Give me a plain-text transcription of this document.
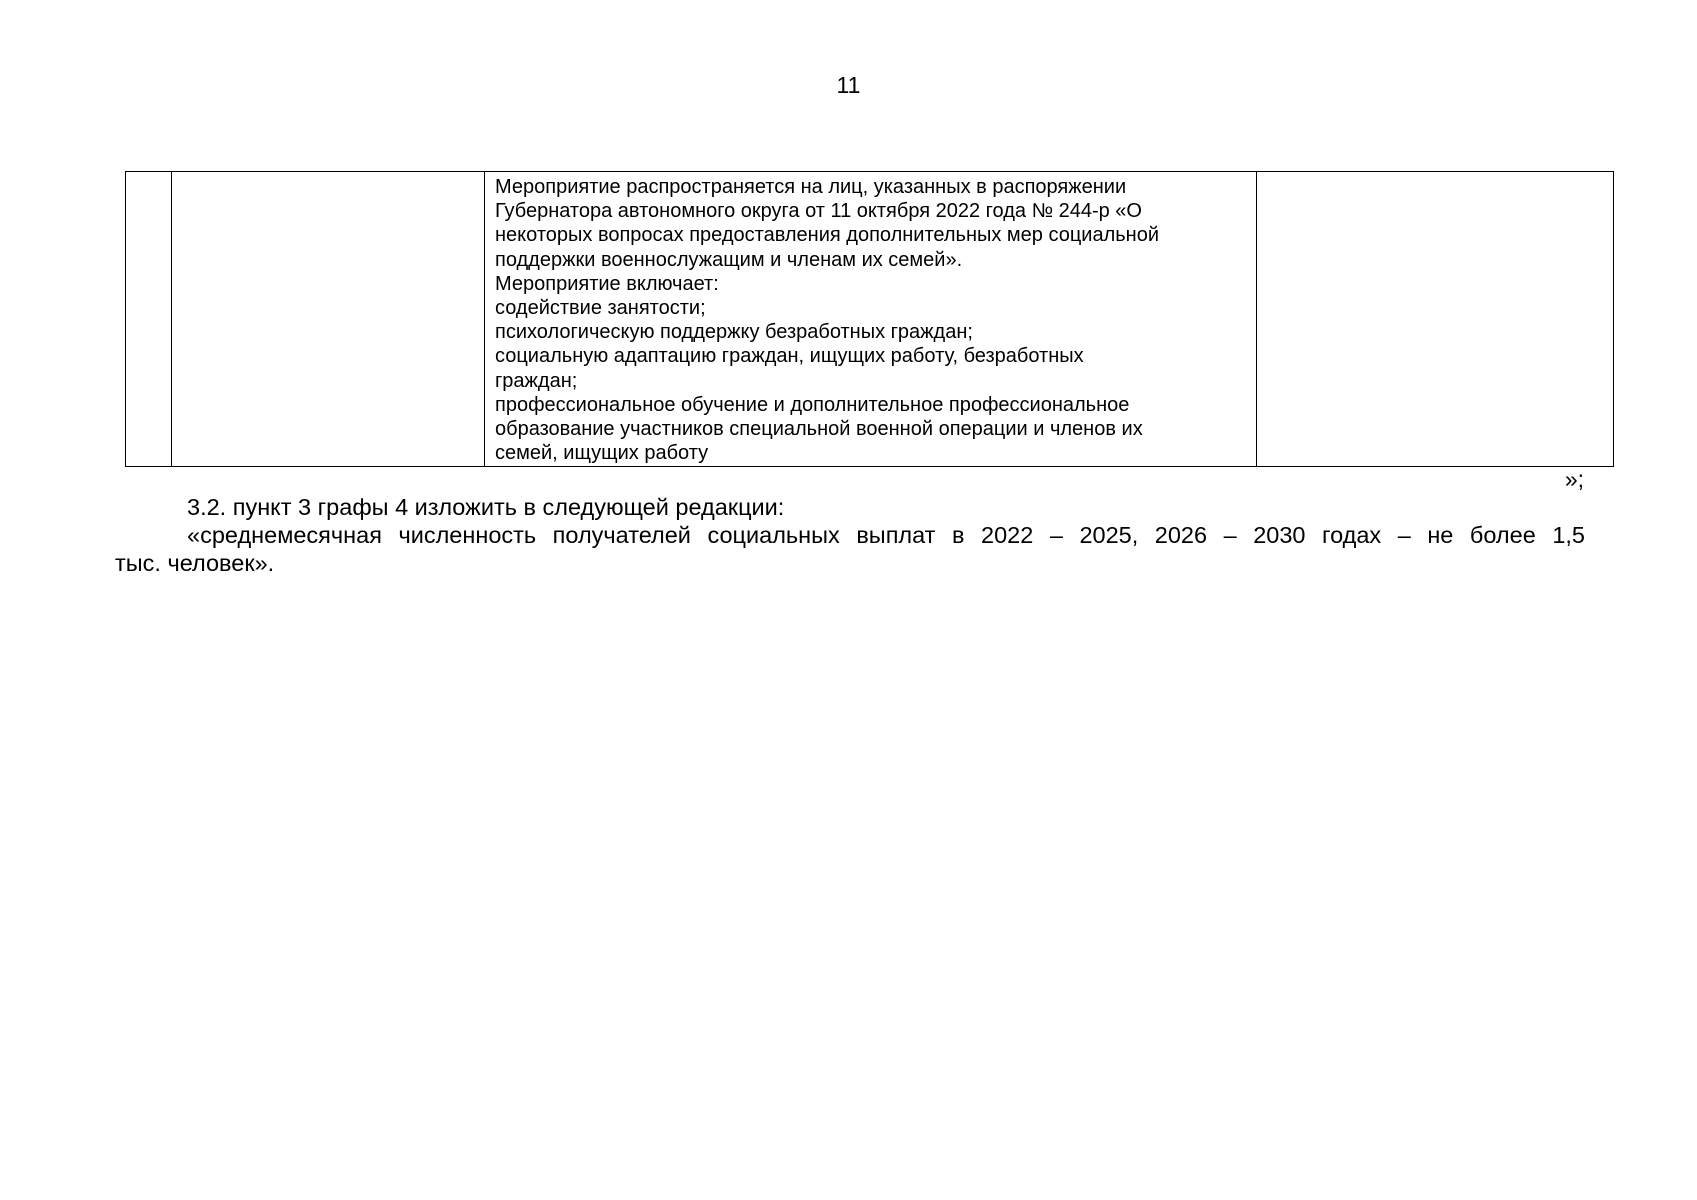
11

Мероприятие распространяется на лиц, указанных в распоряжении
Губернатора автономного округа от 11 октября 2022 года № 244-р «О
некоторых вопросах предоставления дополнительных мер социальной
поддержки военнослужащим и членам их семей».
Мероприятие включает:
содействие занятости;
психологическую поддержку безработных граждан;
социальную адаптацию граждан, ищущих работу, безработных
граждан;
профессиональное обучение и дополнительное профессиональное
образование участников специальной военной операции и членов их
семей, ищущих работу

»;
3.2. пункт 3 графы 4 изложить в следующей редакции:
«среднемесячная численность получателей социальных выплат в 2022 – 2025, 2026 – 2030 годах – не более 1,5
тыс. человек».
